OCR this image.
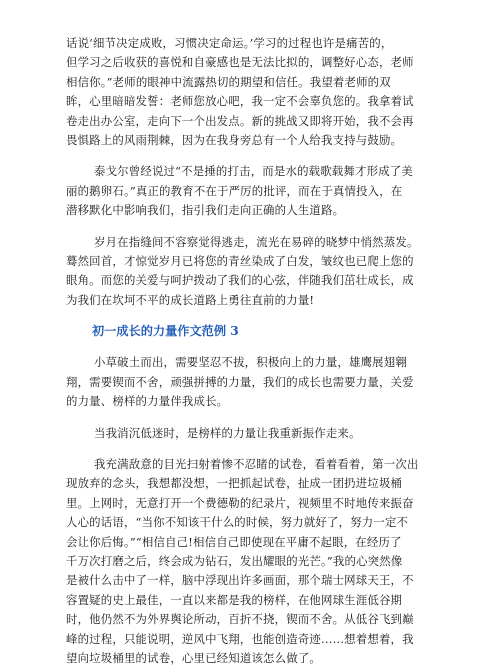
话说‘细节决定成败，习惯决定命运。’学习的过程也许是痛苦的，
但学习之后收获的喜悦和自豪感也是无法比拟的，调整好心态，老师
相信你。”老师的眼神中流露热切的期望和信任。我望着老师的双
眸，心里暗暗发誓：老师您放心吧，我一定不会辜负您的。我拿着试
卷走出办公室，走向下一个出发点。新的挑战又即将开始，我不会再
畏惧路上的风雨荆棘，因为在我身旁总有一个人给我支持与鼓励。

泰戈尔曾经说过“不是捶的打击，而是水的载歌载舞才形成了美
丽的鹅卵石。”真正的教育不在于严厉的批评，而在于真情投入，在
潜移默化中影响我们，指引我们走向正确的人生道路。

岁月在指缝间不容察觉得逃走，流光在易碎的晓梦中悄然蒸发。
蓦然回首，才惊觉岁月已将您的青丝染成了白发，皱纹也已爬上您的
眼角。而您的关爱与呵护拨动了我们的心弦，伴随我们茁壮成长，成
为我们在坎坷不平的成长道路上勇往直前的力量!

初一成长的力量作文范例 3

小草破土而出，需要坚忍不拔，积极向上的力量，雄鹰展翅翱
翔，需要锲而不舍，顽强拼搏的力量，我们的成长也需要力量，关爱
的力量、榜样的力量伴我成长。

当我消沉低迷时，是榜样的力量让我重新振作走来。

我充满敌意的目光扫射着惨不忍睹的试卷，看着看着，第一次出
现放弃的念头，我想都没想，一把抓起试卷，扯成一团扔进垃圾桶
里。上网时，无意打开一个费德勒的纪录片，视频里不时地传来振奋
人心的话语，“当你不知该干什么的时候，努力就好了，努力一定不
会让你后悔。”“相信自己!相信自己即使现在平庸不起眼，在经历了
千万次打磨之后，终会成为钻石，发出耀眼的光芒。”我的心突然像
是被什么击中了一样，脑中浮现出许多画面，那个瑞士网球天王，不
容置疑的史上最佳，一直以来都是我的榜样，在他网球生涯低谷期
时，他仍然不为外界舆论所动，百折不挠，锲而不舍。从低谷飞到巅
峰的过程，只能说明，逆风中飞翔，也能创造奇迹……想着想着，我
望向垃圾桶里的试卷，心里已经知道该怎么做了。
